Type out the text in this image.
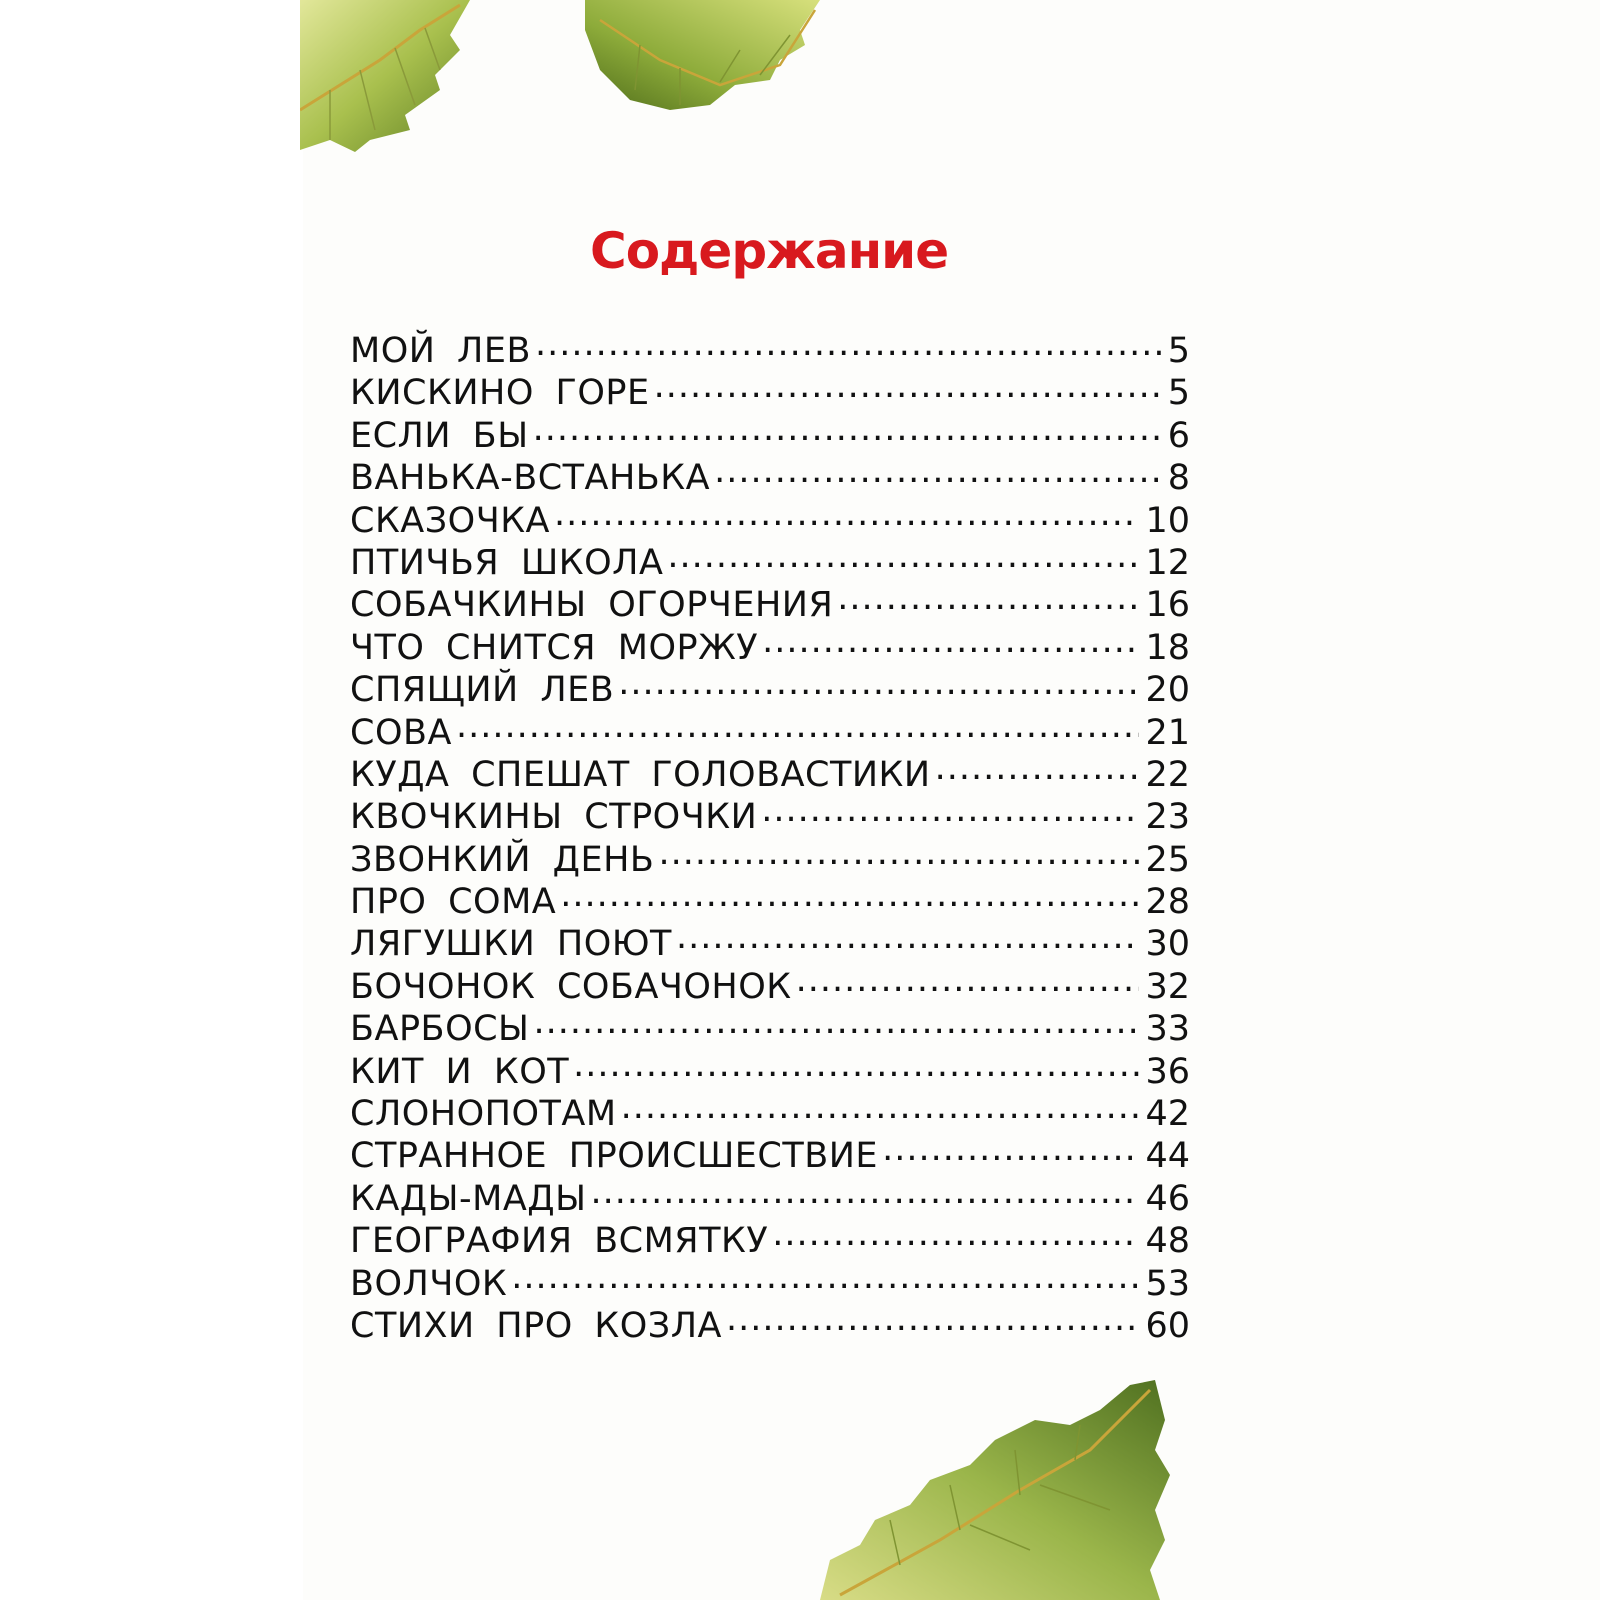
Содержание
МОЙ ЛЕВ .....	5
КИСКИНО ГОРЕ .....	5
ЕСЛИ БЫ .....	6
ВАНЬКА-ВСТАНЬКА .....	8
СКАЗОЧКА .....	10
ПТИЧЬЯ ШКОЛА .....	12
СОБАЧКИНЫ ОГОРЧЕНИЯ .....	16
ЧТО СНИТСЯ МОРЖУ .....	18
СПЯЩИЙ ЛЕВ .....	20
СОВА .....	21
КУДА СПЕШАТ ГОЛОВАСТИКИ .....	22
КВОЧКИНЫ СТРОЧКИ .....	23
ЗВОНКИЙ ДЕНЬ .....	25
ПРО СОМА .....	28
ЛЯГУШКИ ПОЮТ .....	30
БОЧОНОК СОБАЧОНОК .....	32
БАРБОСЫ .....	33
КИТ И КОТ .....	36
СЛОНОПОТАМ .....	42
СТРАННОЕ ПРОИСШЕСТВИЕ .....	44
КАДЫ-МАДЫ .....	46
ГЕОГРАФИЯ ВСМЯТКУ .....	48
ВОЛЧОК .....	53
СТИХИ ПРО КОЗЛА .....	60
